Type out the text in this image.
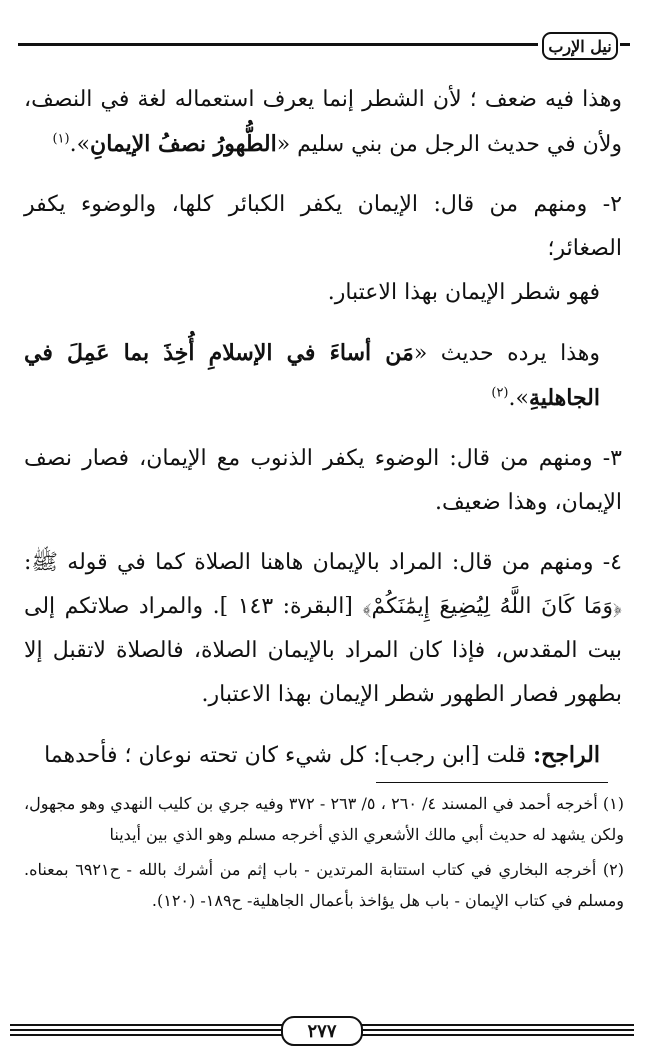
نيل الإرب

وهذا فيه ضعف ؛ لأن الشطر إنما يعرف استعماله لغة في النصف، ولأن في حديث الرجل من بني سليم «الطُّهورُ نصفُ الإيمانِ».$^{(١)}$

٢- ومنهم من قال: الإيمان يكفر الكبائر كلها، والوضوء يكفر الصغائر؛
فهو شطر الإيمان بهذا الاعتبار.

وهذا يرده حديث «مَن أساءَ في الإسلامِ أُخِذَ بما عَمِلَ في الجاهليةِ».$^{(٢)}$

٣- ومنهم من قال: الوضوء يكفر الذنوب مع الإيمان، فصار نصف الإيمان، وهذا ضعيف.

٤- ومنهم من قال: المراد بالإيمان هاهنا الصلاة كما في قوله ﷺ: ﴿وَمَا كَانَ اللَّهُ لِيُضِيعَ إِيمَٰنَكُمْ﴾ [البقرة: ١٤٣ ]. والمراد صلاتكم إلى بيت المقدس، فإذا كان المراد بالإيمان الصلاة، فالصلاة لاتقبل إلا بطهور فصار الطهور شطر الإيمان بهذا الاعتبار.

الراجح: قلت [ابن رجب]: كل شيء كان تحته نوعان ؛ فأحدهما

(١) أخرجه أحمد في المسند ٤/ ٢٦٠ ، ٥/ ٢٦٣ - ٣٧٢ وفيه جري بن كليب النهدي وهو مجهول، ولكن يشهد له حديث أبي مالك الأشعري الذي أخرجه مسلم وهو الذي بين أيدينا

(٢) أخرجه البخاري في كتاب استتابة المرتدين - باب إثم من أشرك بالله - ح٦٩٢١ بمعناه. ومسلم في كتاب الإيمان - باب هل يؤاخذ بأعمال الجاهلية- ح١٨٩- (١٢٠).

٢٧٧
